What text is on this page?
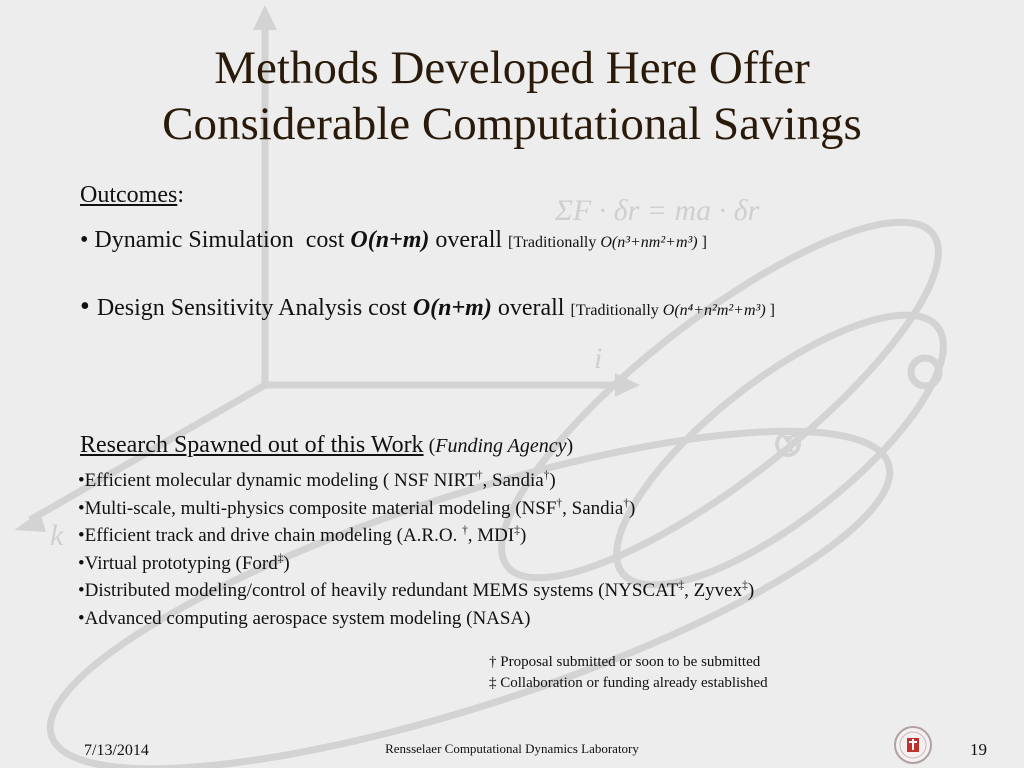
ΣF · δr = ma · δr
i
k
Methods Developed Here Offer
Considerable Computational Savings
Outcomes:
• Dynamic Simulation  cost O(n+m) overall [Traditionally O(n³+nm²+m³) ]
• Design Sensitivity Analysis cost O(n+m) overall [Traditionally O(n⁴+n²m²+m³) ]
Research Spawned out of this Work (Funding Agency)
•Efficient molecular dynamic modeling ( NSF NIRT†, Sandia†)
•Multi-scale, multi-physics composite material modeling (NSF†, Sandia†)
•Efficient track and drive chain modeling (A.R.O. †, MDI‡)
•Virtual prototyping (Ford‡)
•Distributed modeling/control of heavily redundant MEMS systems (NYSCAT‡, Zyvex‡)
•Advanced computing aerospace system modeling (NASA)
† Proposal submitted or soon to be submitted
‡ Collaboration or funding already established
7/13/2014	Rensselaer Computational Dynamics Laboratory	19
